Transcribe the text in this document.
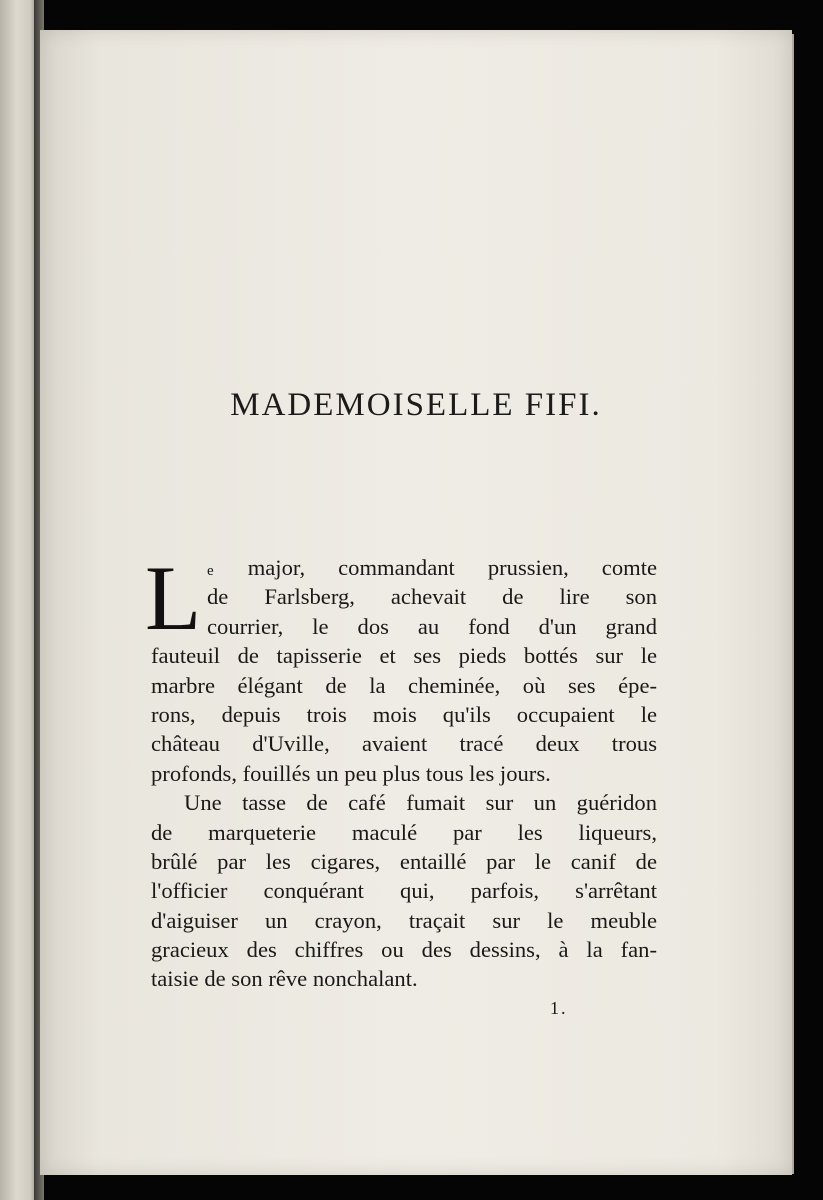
MADEMOISELLE FIFI.
L e major, commandant prussien, comte
de Farlsberg, achevait de lire son
courrier, le dos au fond d'un grand
fauteuil de tapisserie et ses pieds bottés sur le
marbre élégant de la cheminée, où ses épe-
rons, depuis trois mois qu'ils occupaient le
château d'Uville, avaient tracé deux trous
profonds, fouillés un peu plus tous les jours.
Une tasse de café fumait sur un guéridon
de marqueterie maculé par les liqueurs,
brûlé par les cigares, entaillé par le canif de
l'officier conquérant qui, parfois, s'arrêtant
d'aiguiser un crayon, traçait sur le meuble
gracieux des chiffres ou des dessins, à la fan-
taisie de son rêve nonchalant.
1.
